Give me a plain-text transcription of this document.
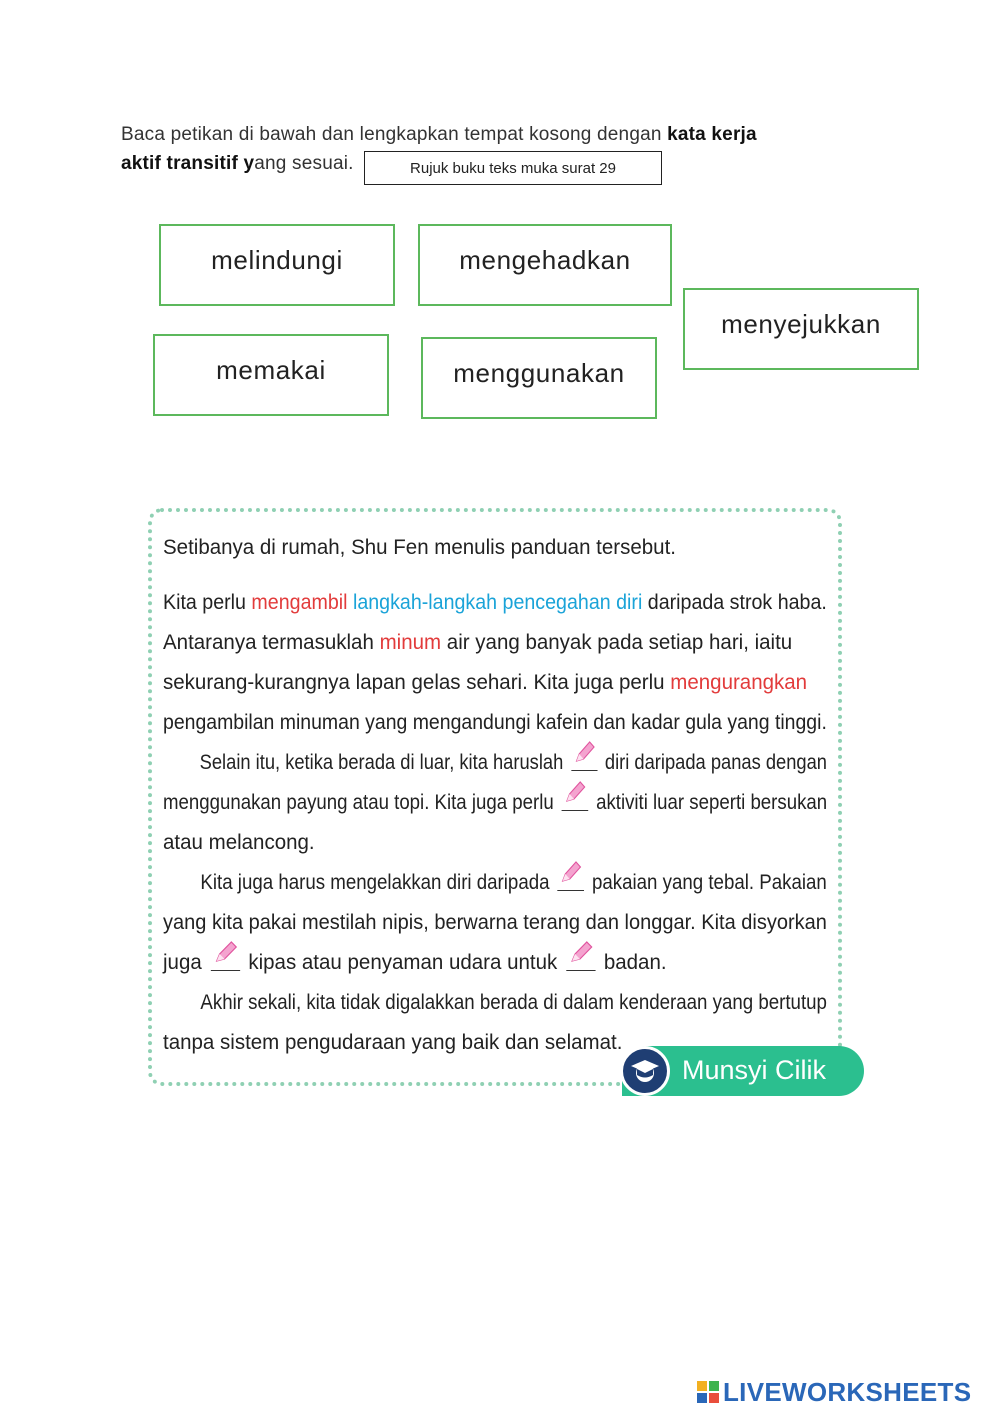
Baca petikan di bawah dan lengkapkan tempat kosong dengan kata kerja
aktif transitif yang sesuai.	Rujuk buku teks muka surat 29
melindungi	mengehadkan
menyejukkan
memakai	menggunakan
Setibanya di rumah, Shu Fen menulis panduan tersebut.
Kita perlu mengambil langkah-langkah pencegahan diri daripada strok haba.
Antaranya termasuklah minum air yang banyak pada setiap hari, iaitu
sekurang-kurangnya lapan gelas sehari. Kita juga perlu mengurangkan
pengambilan minuman yang mengandungi kafein dan kadar gula yang tinggi.
Selain itu, ketika berada di luar, kita haruslah diri daripada panas dengan
menggunakan payung atau topi. Kita juga perlu aktiviti luar seperti bersukan
atau melancong.
Kita juga harus mengelakkan diri daripada pakaian yang tebal. Pakaian
yang kita pakai mestilah nipis, berwarna terang dan longgar. Kita disyorkan
juga kipas atau penyaman udara untuk badan.
Akhir sekali, kita tidak digalakkan berada di dalam kenderaan yang bertutup
tanpa sistem pengudaraan yang baik dan selamat.
Munsyi Cilik
LIVEWORKSHEETS
